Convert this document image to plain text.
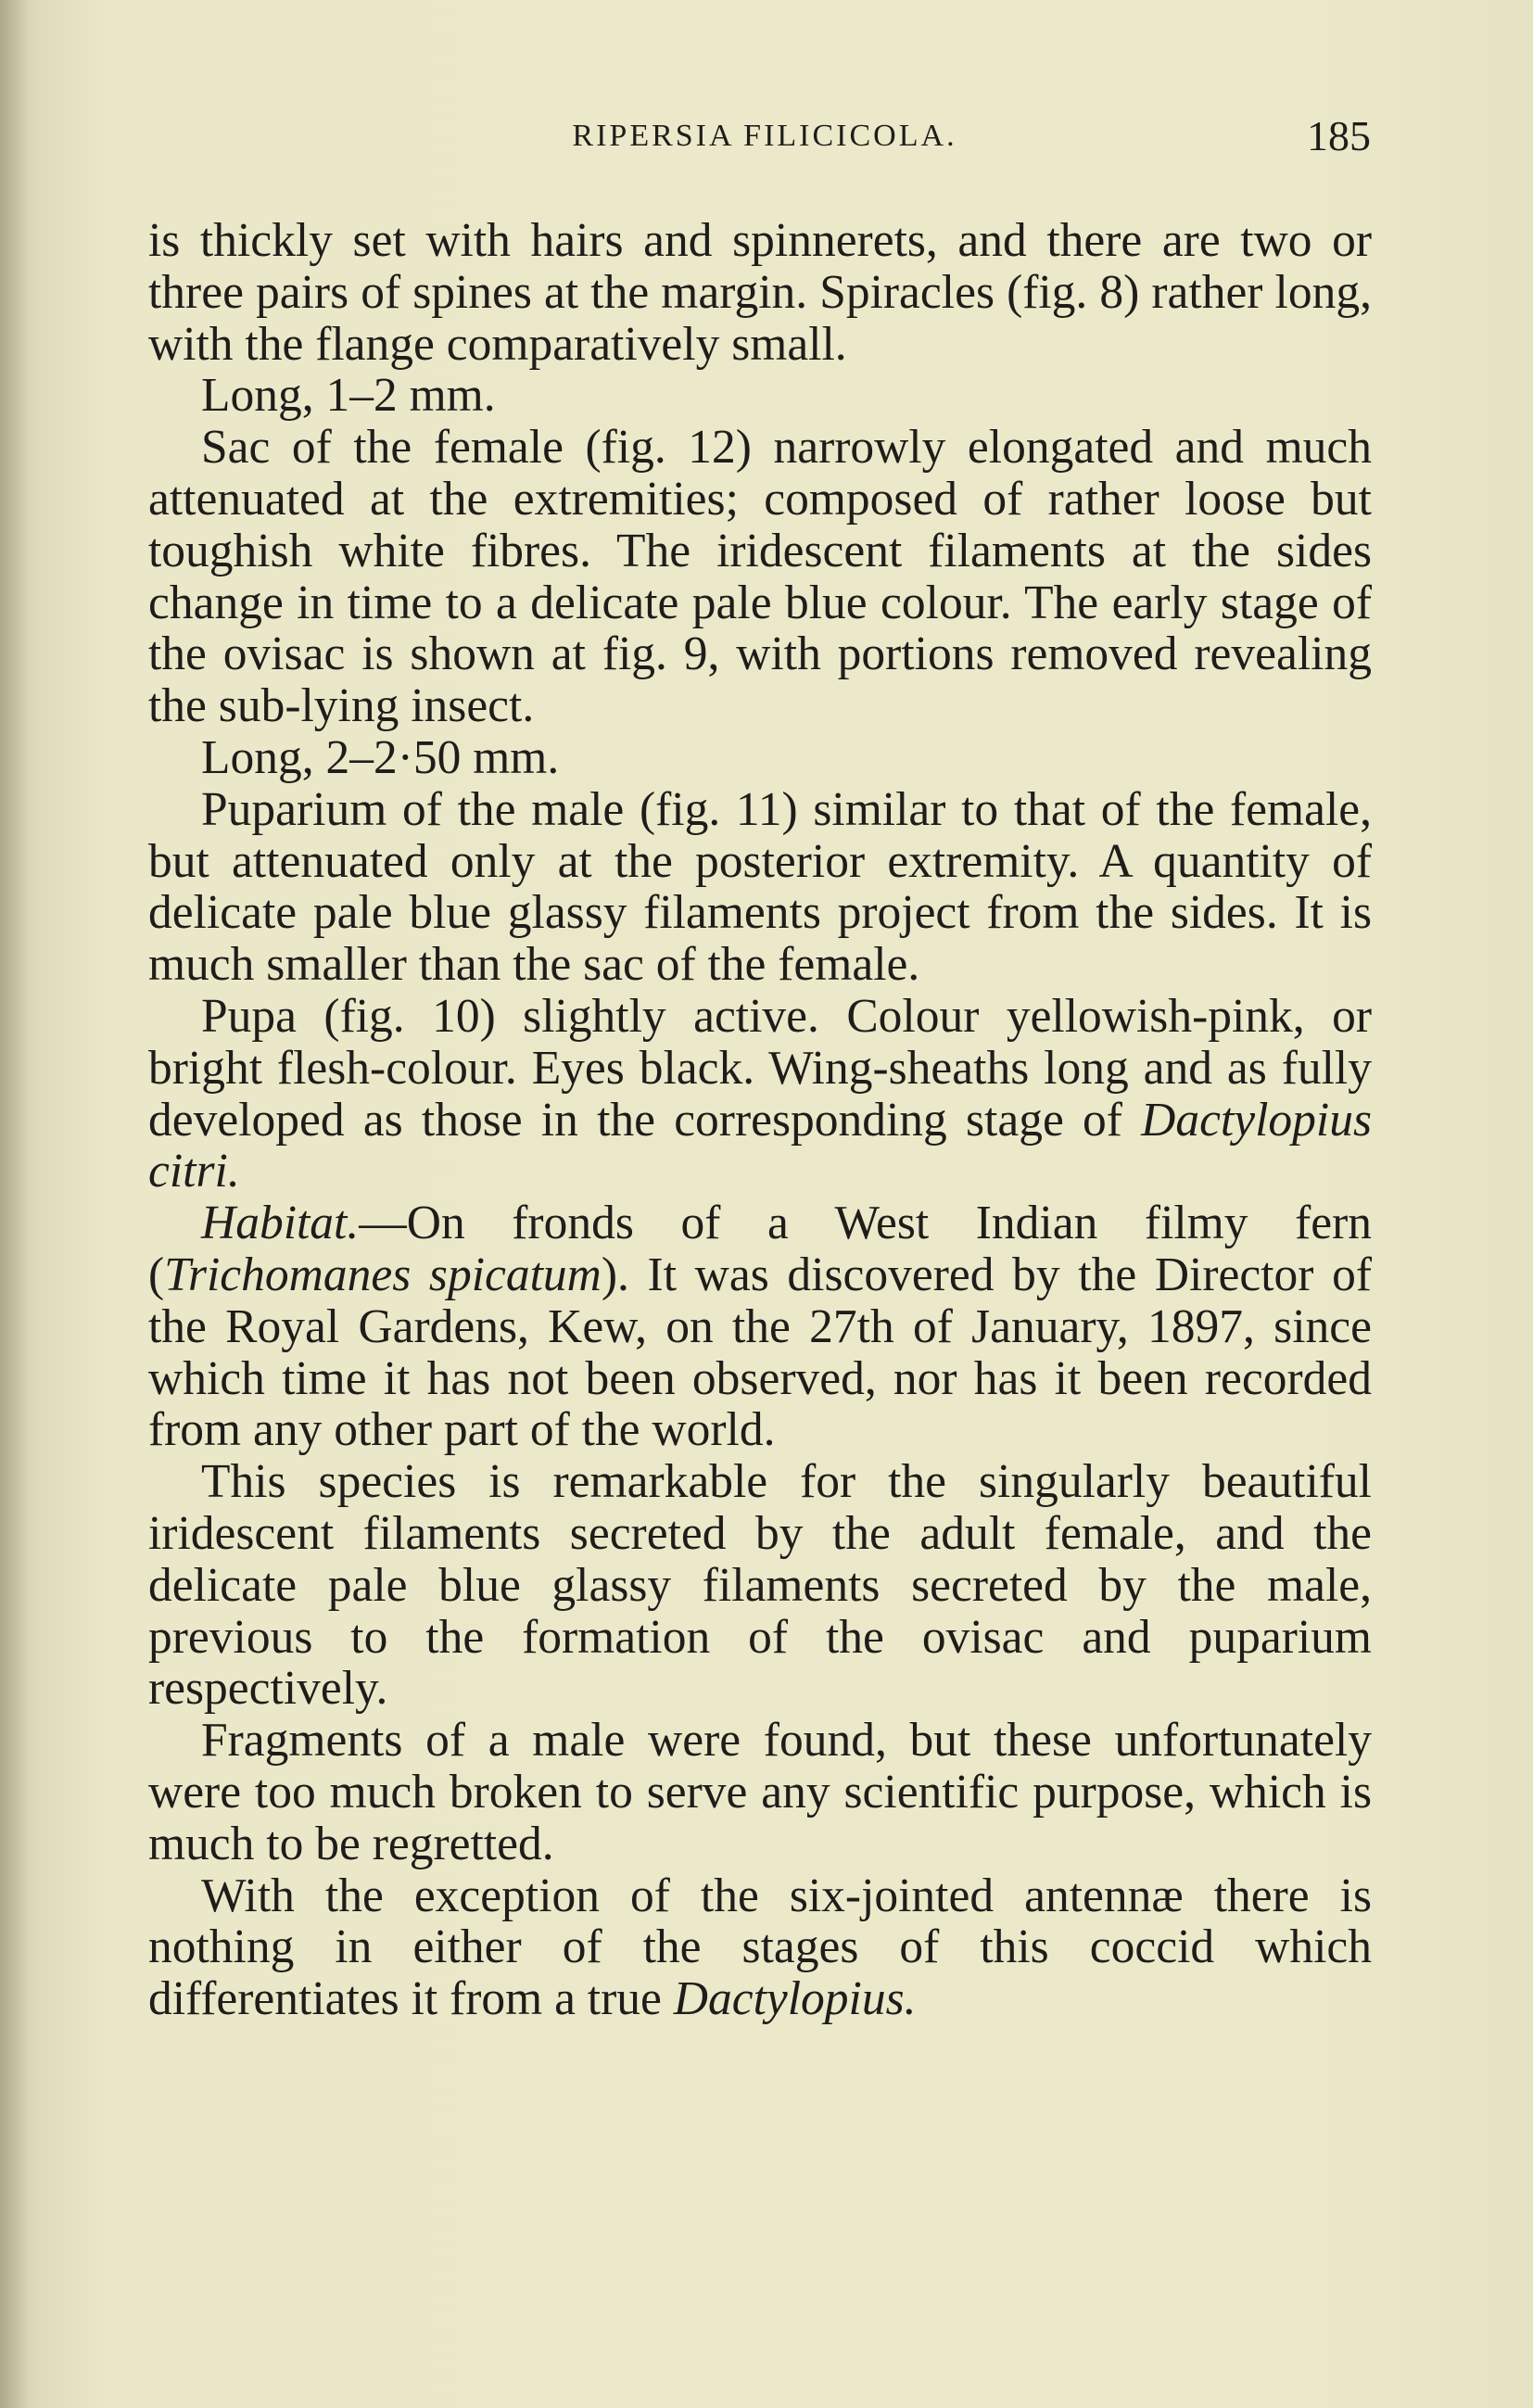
RIPERSIA FILICICOLA.	185

is thickly set with hairs and spinnerets, and there are two or three pairs of spines at the margin. Spiracles (fig. 8) rather long, with the flange comparatively small.

Long, 1–2 mm.

Sac of the female (fig. 12) narrowly elongated and much attenuated at the extremities; composed of rather loose but toughish white fibres. The iridescent filaments at the sides change in time to a delicate pale blue colour. The early stage of the ovisac is shown at fig. 9, with portions removed revealing the sub-lying insect.

Long, 2–2·50 mm.

Puparium of the male (fig. 11) similar to that of the female, but attenuated only at the posterior extremity. A quantity of delicate pale blue glassy filaments project from the sides. It is much smaller than the sac of the female.

Pupa (fig. 10) slightly active. Colour yellowish-pink, or bright flesh-colour. Eyes black. Wing-sheaths long and as fully developed as those in the corresponding stage of Dactylopius citri.

Habitat.—On fronds of a West Indian filmy fern (Trichomanes spicatum). It was discovered by the Director of the Royal Gardens, Kew, on the 27th of January, 1897, since which time it has not been observed, nor has it been recorded from any other part of the world.

This species is remarkable for the singularly beautiful iridescent filaments secreted by the adult female, and the delicate pale blue glassy filaments secreted by the male, previous to the formation of the ovisac and puparium respectively.

Fragments of a male were found, but these unfortunately were too much broken to serve any scientific purpose, which is much to be regretted.

With the exception of the six-jointed antennæ there is nothing in either of the stages of this coccid which differentiates it from a true Dactylopius.
